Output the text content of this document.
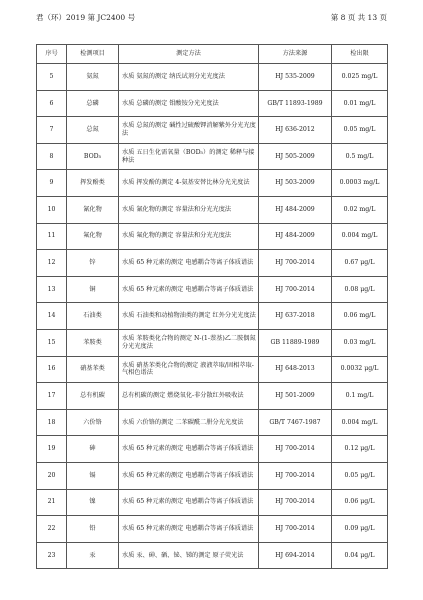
君（环）2019 第 JC2400 号	第 8 页 共 13 页
序号	检测项目	测定方法	方法来源	检出限
5	氨氮	水质 氨氮的测定 纳氏试剂分光光度法	HJ 535-2009	0.025 mg/L
6	总磷	水质 总磷的测定 钼酸铵分光光度法	GB/T 11893-1989	0.01 mg/L
7	总氮	水质 总氮的测定 碱性过硫酸钾消解紫外分光光度法	HJ 636-2012	0.05 mg/L
8	BOD₅	水质 五日生化需氧量（BOD₅）的测定 稀释与接种法	HJ 505-2009	0.5 mg/L
9	挥发酚类	水质 挥发酚的测定 4-氨基安替比林分光光度法	HJ 503-2009	0.0003 mg/L
10	氰化物	水质 氰化物的测定 容量法和分光光度法	HJ 484-2009	0.02 mg/L
11	氟化物	水质 氟化物的测定 容量法和分光光度法	HJ 484-2009	0.004 mg/L
12	锌	水质 65 种元素的测定 电感耦合等离子体质谱法	HJ 700-2014	0.67 μg/L
13	铜	水质 65 种元素的测定 电感耦合等离子体质谱法	HJ 700-2014	0.08 μg/L
14	石油类	水质 石油类和动植物油类的测定 红外分光光度法	HJ 637-2018	0.06 mg/L
15	苯胺类	水质 苯胺类化合物的测定 N-(1-萘基)乙二胺偶氮分光光度法	GB 11889-1989	0.03 mg/L
16	硝基苯类	水质 硝基苯类化合物的测定 液液萃取/固相萃取-气相色谱法	HJ 648-2013	0.0032 μg/L
17	总有机碳	总有机碳的测定 燃烧氧化-非分散红外吸收法	HJ 501-2009	0.1 mg/L
18	六价铬	水质 六价铬的测定 二苯碳酰二肼分光光度法	GB/T 7467-1987	0.004 mg/L
19	砷	水质 65 种元素的测定 电感耦合等离子体质谱法	HJ 700-2014	0.12 μg/L
20	镉	水质 65 种元素的测定 电感耦合等离子体质谱法	HJ 700-2014	0.05 μg/L
21	镍	水质 65 种元素的测定 电感耦合等离子体质谱法	HJ 700-2014	0.06 μg/L
22	铅	水质 65 种元素的测定 电感耦合等离子体质谱法	HJ 700-2014	0.09 μg/L
23	汞	水质 汞、砷、硒、铋、锑的测定 原子荧光法	HJ 694-2014	0.04 μg/L
